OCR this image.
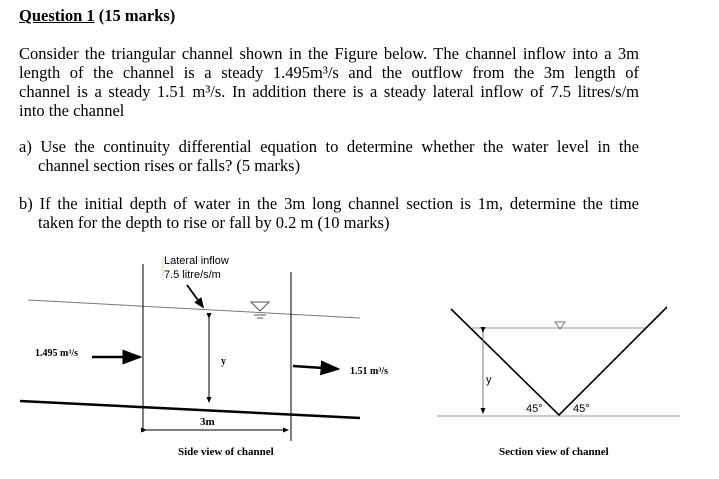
Question 1 (15 marks)
Consider the triangular channel shown in the Figure below. The channel inflow into a 3m
length of the channel is a steady 1.495m³/s and the outflow from the 3m length of
channel is a steady 1.51 m³/s. In addition there is a steady lateral inflow of 7.5 litres/s/m
into the channel
a) Use the continuity differential equation to determine whether the water level in the
channel section rises or falls? (5 marks)
b) If the initial depth of water in the 3m long channel section is 1m, determine the time
taken for the depth to rise or fall by 0.2 m (10 marks)
Lateral inflow
7.5 litre/s/m
1.495 m³/s
1.51 m³/s
y
3m
Side view of channel
y
45°	45°
Section view of channel
